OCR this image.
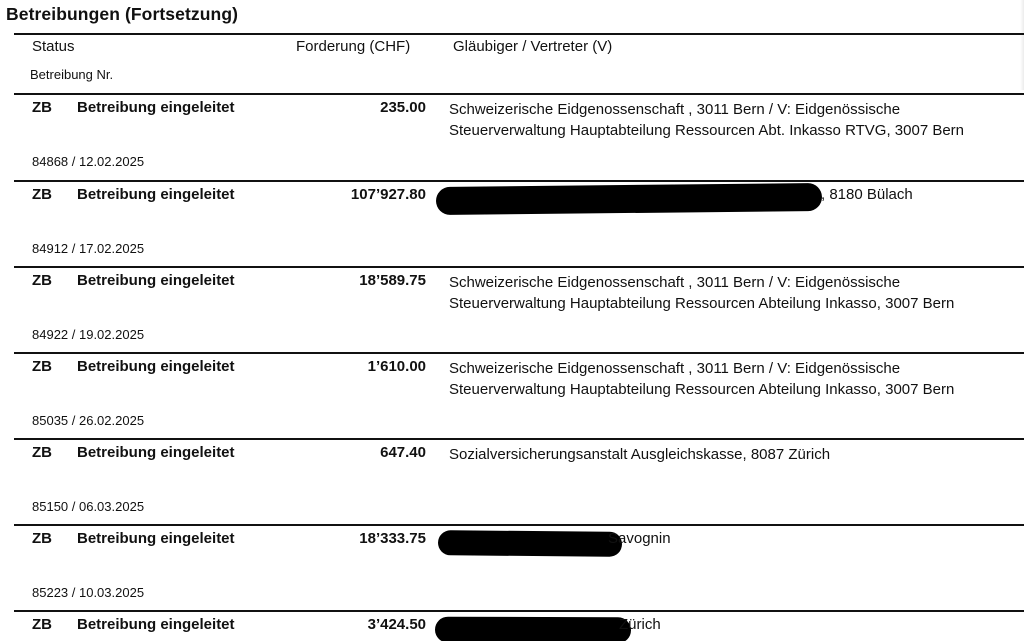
Betreibungen (Fortsetzung)
Status	Forderung (CHF)	Gläubiger / Vertreter (V)
Betreibung Nr.
ZB Betreibung eingeleitet	235.00 Schweizerische Eidgenossenschaft , 3011 Bern / V: Eidgenössische
Steuerverwaltung Hauptabteilung Ressourcen Abt. Inkasso RTVG, 3007 Bern
84868 / 12.02.2025
ZB Betreibung eingeleitet	107’927.80	, 8180 Bülach
84912 / 17.02.2025
ZB Betreibung eingeleitet	18’589.75 Schweizerische Eidgenossenschaft , 3011 Bern / V: Eidgenössische
Steuerverwaltung Hauptabteilung Ressourcen Abteilung Inkasso, 3007 Bern
84922 / 19.02.2025
ZB Betreibung eingeleitet	1’610.00 Schweizerische Eidgenossenschaft , 3011 Bern / V: Eidgenössische
Steuerverwaltung Hauptabteilung Ressourcen Abteilung Inkasso, 3007 Bern
85035 / 26.02.2025
ZB Betreibung eingeleitet	647.40 Sozialversicherungsanstalt Ausgleichskasse, 8087 Zürich
85150 / 06.03.2025
ZB Betreibung eingeleitet	18’333.75	Savognin
85223 / 10.03.2025
ZB Betreibung eingeleitet	3’424.50	Zürich
